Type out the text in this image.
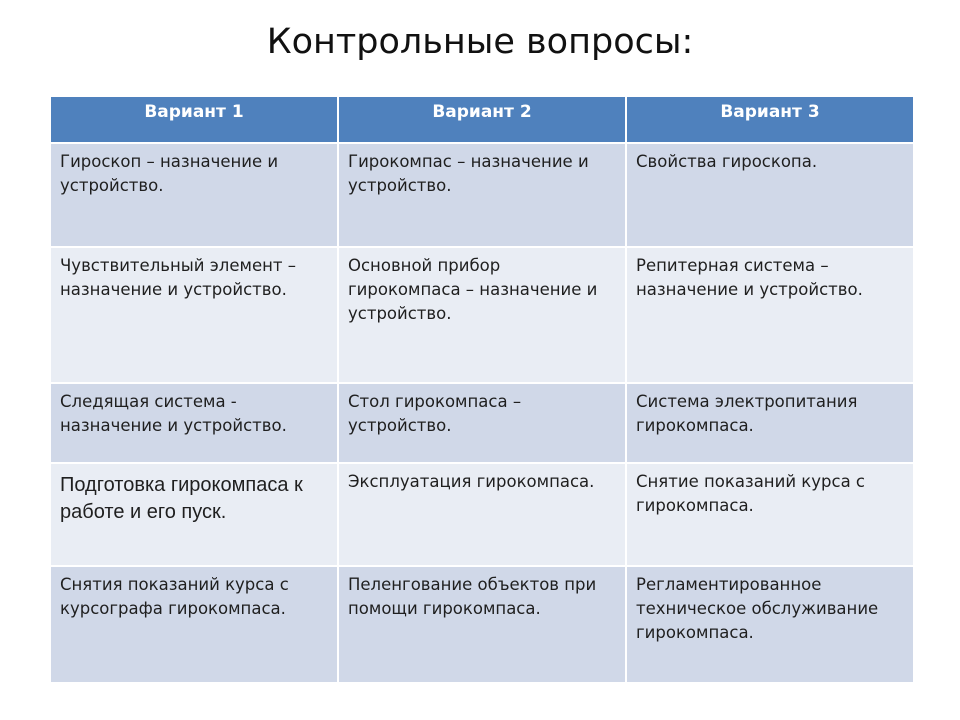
Контрольные вопросы:
Вариант 1	Вариант 2	Вариант 3
Гироскоп – назначение и устройство.	Гирокомпас – назначение и устройство.	Свойства гироскопа.
Чувствительный элемент – назначение и устройство.	Основной прибор гирокомпаса – назначение и устройство.	Репитерная система – назначение и устройство.
Следящая система - назначение и устройство.	Стол гирокомпаса – устройство.	Система электропитания гирокомпаса.
Подготовка гирокомпаса к работе и его пуск.	Эксплуатация гирокомпаса.	Снятие показаний курса с гирокомпаса.
Снятия показаний курса с курсографа гирокомпаса.	Пеленгование объектов при помощи гирокомпаса.	Регламентированное техническое обслуживание гирокомпаса.
